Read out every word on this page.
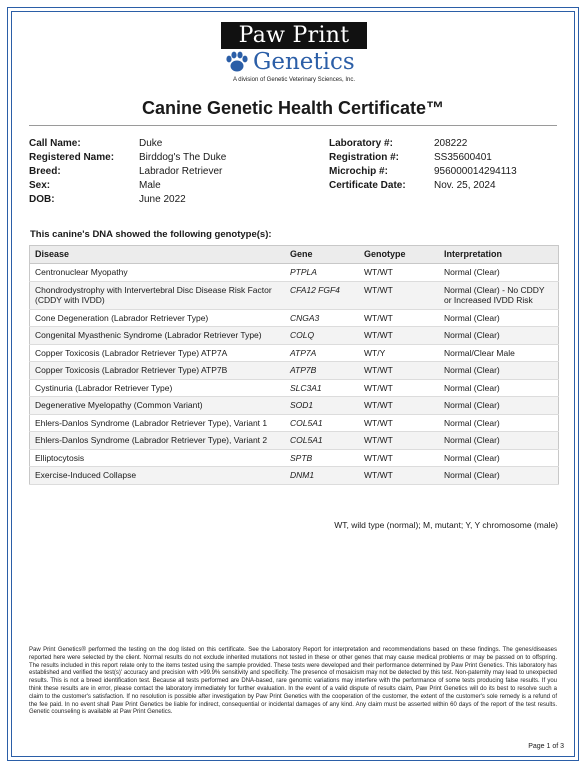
Paw Print
Genetics
A division of Genetic Veterinary Sciences, Inc.
Canine Genetic Health Certificate™
Call Name:	Duke
Registered Name: Birddog's The Duke
Breed:	Labrador Retriever
Sex:	Male
DOB:	June 2022
Laboratory #:	208222
Registration #:	SS35600401
Microchip #:	956000014294113
Certificate Date:	Nov. 25, 2024
This canine's DNA showed the following genotype(s):
Disease	Gene	Genotype	Interpretation
Centronuclear Myopathy	PTPLA	WT/WT	Normal (Clear)
Chondrodystrophy with Intervertebral Disc Disease Risk Factor (CDDY with IVDD)	CFA12 FGF4	WT/WT	Normal (Clear) - No CDDY or Increased IVDD Risk
Cone Degeneration (Labrador Retriever Type)	CNGA3	WT/WT	Normal (Clear)
Congenital Myasthenic Syndrome (Labrador Retriever Type)	COLQ	WT/WT	Normal (Clear)
Copper Toxicosis (Labrador Retriever Type) ATP7A	ATP7A	WT/Y	Normal/Clear Male
Copper Toxicosis (Labrador Retriever Type) ATP7B	ATP7B	WT/WT	Normal (Clear)
Cystinuria (Labrador Retriever Type)	SLC3A1	WT/WT	Normal (Clear)
Degenerative Myelopathy (Common Variant)	SOD1	WT/WT	Normal (Clear)
Ehlers-Danlos Syndrome (Labrador Retriever Type), Variant 1	COL5A1	WT/WT	Normal (Clear)
Ehlers-Danlos Syndrome (Labrador Retriever Type), Variant 2	COL5A1	WT/WT	Normal (Clear)
Elliptocytosis	SPTB	WT/WT	Normal (Clear)
Exercise-Induced Collapse	DNM1	WT/WT	Normal (Clear)
WT, wild type (normal); M, mutant; Y, Y chromosome (male)
Paw Print Genetics® performed the testing on the dog listed on this certificate. See the Laboratory Report for interpretation and recommendations based on these findings. The genes/diseases reported here were selected by the client. Normal results do not exclude inherited mutations not tested in these or other genes that may cause medical problems or may be passed on to offspring. The results included in this report relate only to the items tested using the sample provided. These tests were developed and their performance determined by Paw Print Genetics. This laboratory has established and verified the test(s)' accuracy and precision with >99.9% sensitivity and specificity. The presence of mosaicism may not be detected by this test. Non-paternity may lead to unexpected results. This is not a breed identification test. Because all tests performed are DNA-based, rare genomic variations may interfere with the performance of some tests producing false results. If you think these results are in error, please contact the laboratory immediately for further evaluation. In the event of a valid dispute of results claim, Paw Print Genetics will do its best to resolve such a claim to the customer's satisfaction. If no resolution is possible after investigation by Paw Print Genetics with the cooperation of the customer, the extent of the customer's sole remedy is a refund of the fee paid. In no event shall Paw Print Genetics be liable for indirect, consequential or incidental damages of any kind. Any claim must be asserted within 60 days of the report of the test results. Genetic counseling is available at Paw Print Genetics.
Page 1 of 3
